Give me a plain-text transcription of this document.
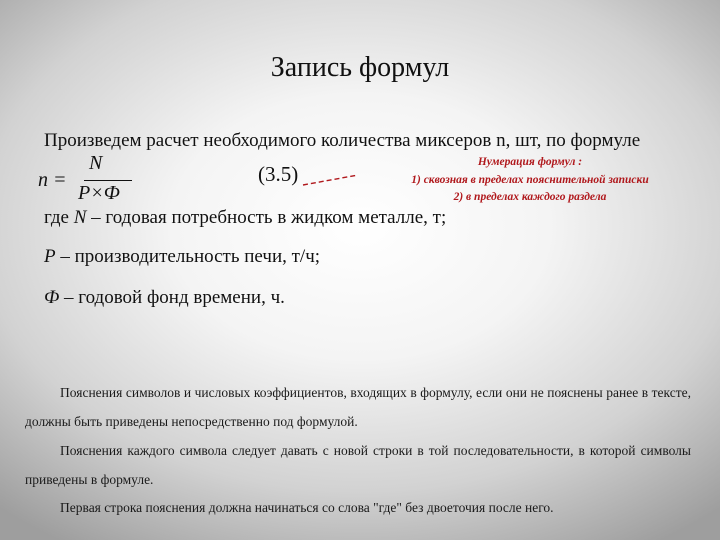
Запись формул

Произведем расчет необходимого количества миксеров n, шт, по формуле

n =
N
P×Ф
(3.5)	Нумерация формул :
1) сквозная в пределах пояснительной записки
2) в пределах каждого раздела

где N – годовая потребность в жидком металле, т;

P – производительность печи, т/ч;

Ф – годовой фонд времени, ч.

Пояснения символов и числовых коэффициентов, входящих в формулу, если они не пояснены ранее в тексте, должны быть приведены непосредственно под формулой.

Пояснения каждого символа следует давать с новой строки в той последовательности, в которой символы приведены в формуле.

Первая строка пояснения должна начинаться со слова "где" без двоеточия после него.
